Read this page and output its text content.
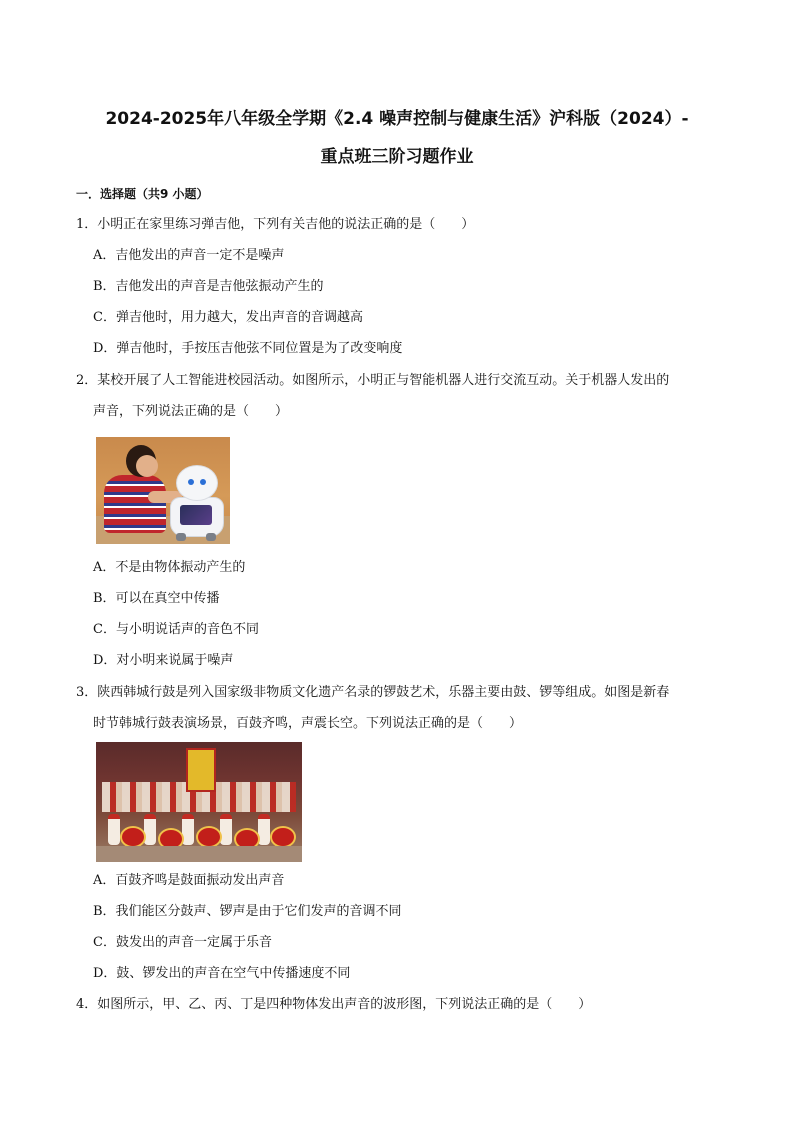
2024-2025年八年级全学期《2.4 噪声控制与健康生活》沪科版（2024）-
重点班三阶习题作业
一．选择题（共9 小题）
1．小明正在家里练习弹吉他，下列有关吉他的说法正确的是（　　）
A．吉他发出的声音一定不是噪声
B．吉他发出的声音是吉他弦振动产生的
C．弹吉他时，用力越大，发出声音的音调越高
D．弹吉他时，手按压吉他弦不同位置是为了改变响度
2．某校开展了人工智能进校园活动。如图所示，小明正与智能机器人进行交流互动。关于机器人发出的
声音，下列说法正确的是（　　）
A．不是由物体振动产生的
B．可以在真空中传播
C．与小明说话声的音色不同
D．对小明来说属于噪声
3．陕西韩城行鼓是列入国家级非物质文化遗产名录的锣鼓艺术，乐器主要由鼓、锣等组成。如图是新春
时节韩城行鼓表演场景，百鼓齐鸣，声震长空。下列说法正确的是（　　）
A．百鼓齐鸣是鼓面振动发出声音
B．我们能区分鼓声、锣声是由于它们发声的音调不同
C．鼓发出的声音一定属于乐音
D．鼓、锣发出的声音在空气中传播速度不同
4．如图所示，甲、乙、丙、丁是四种物体发出声音的波形图，下列说法正确的是（　　）
